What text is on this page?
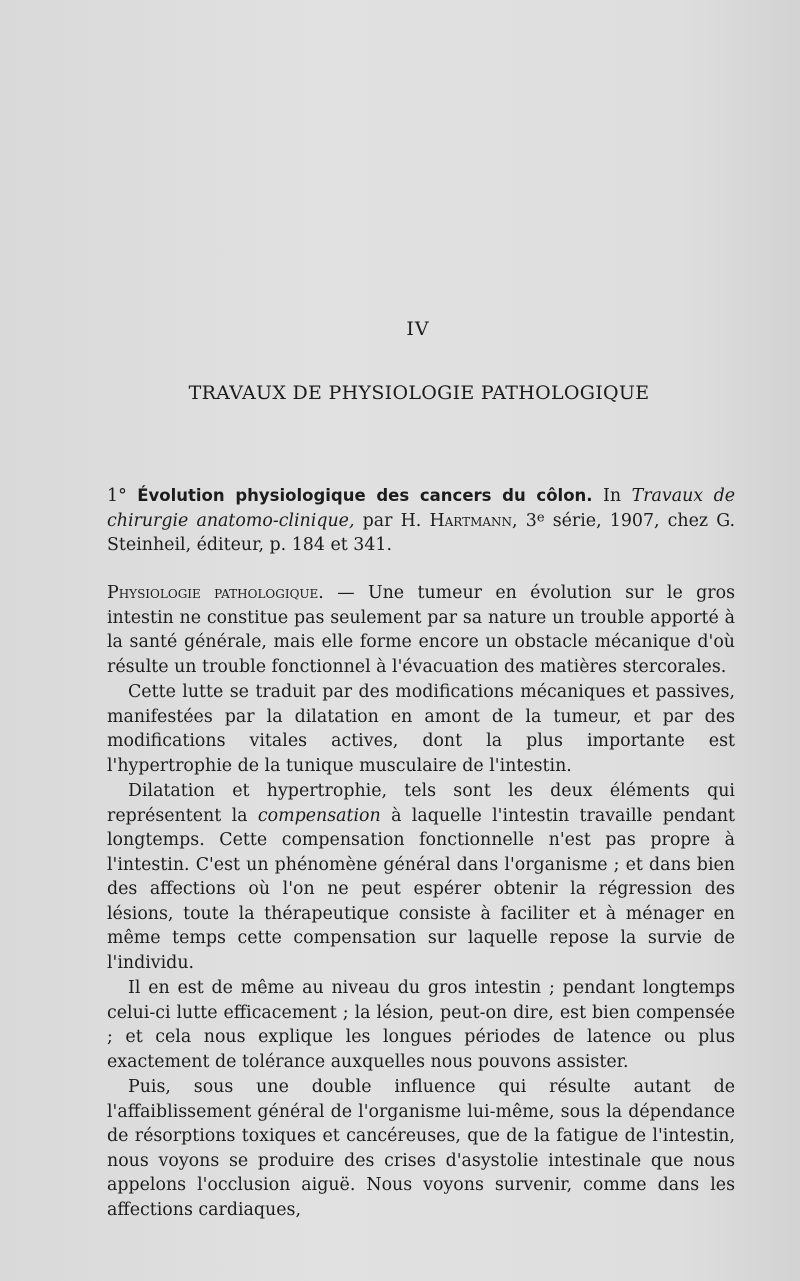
IV
TRAVAUX DE PHYSIOLOGIE PATHOLOGIQUE
1° Évolution physiologique des cancers du côlon. In Travaux de chirurgie anatomo-clinique, par H. Hartmann, 3e série, 1907, chez G. Steinheil, éditeur, p. 184 et 341.

Physiologie pathologique. — Une tumeur en évolution sur le gros intestin ne constitue pas seulement par sa nature un trouble apporté à la santé générale, mais elle forme encore un obstacle mécanique d'où résulte un trouble fonctionnel à l'évacuation des matières stercorales.

Cette lutte se traduit par des modifications mécaniques et passives, manifestées par la dilatation en amont de la tumeur, et par des modifications vitales actives, dont la plus importante est l'hypertrophie de la tunique musculaire de l'intestin.

Dilatation et hypertrophie, tels sont les deux éléments qui représentent la compensation à laquelle l'intestin travaille pendant longtemps. Cette compensation fonctionnelle n'est pas propre à l'intestin. C'est un phénomène général dans l'organisme ; et dans bien des affections où l'on ne peut espérer obtenir la régression des lésions, toute la thérapeutique consiste à faciliter et à ménager en même temps cette compensation sur laquelle repose la survie de l'individu.

Il en est de même au niveau du gros intestin ; pendant longtemps celui-ci lutte efficacement ; la lésion, peut-on dire, est bien compensée ; et cela nous explique les longues périodes de latence ou plus exactement de tolérance auxquelles nous pouvons assister.

Puis, sous une double influence qui résulte autant de l'affaiblissement général de l'organisme lui-même, sous la dépendance de résorptions toxiques et cancéreuses, que de la fatigue de l'intestin, nous voyons se produire des crises d'asystolie intestinale que nous appelons l'occlusion aiguë. Nous voyons survenir, comme dans les affections cardiaques,
